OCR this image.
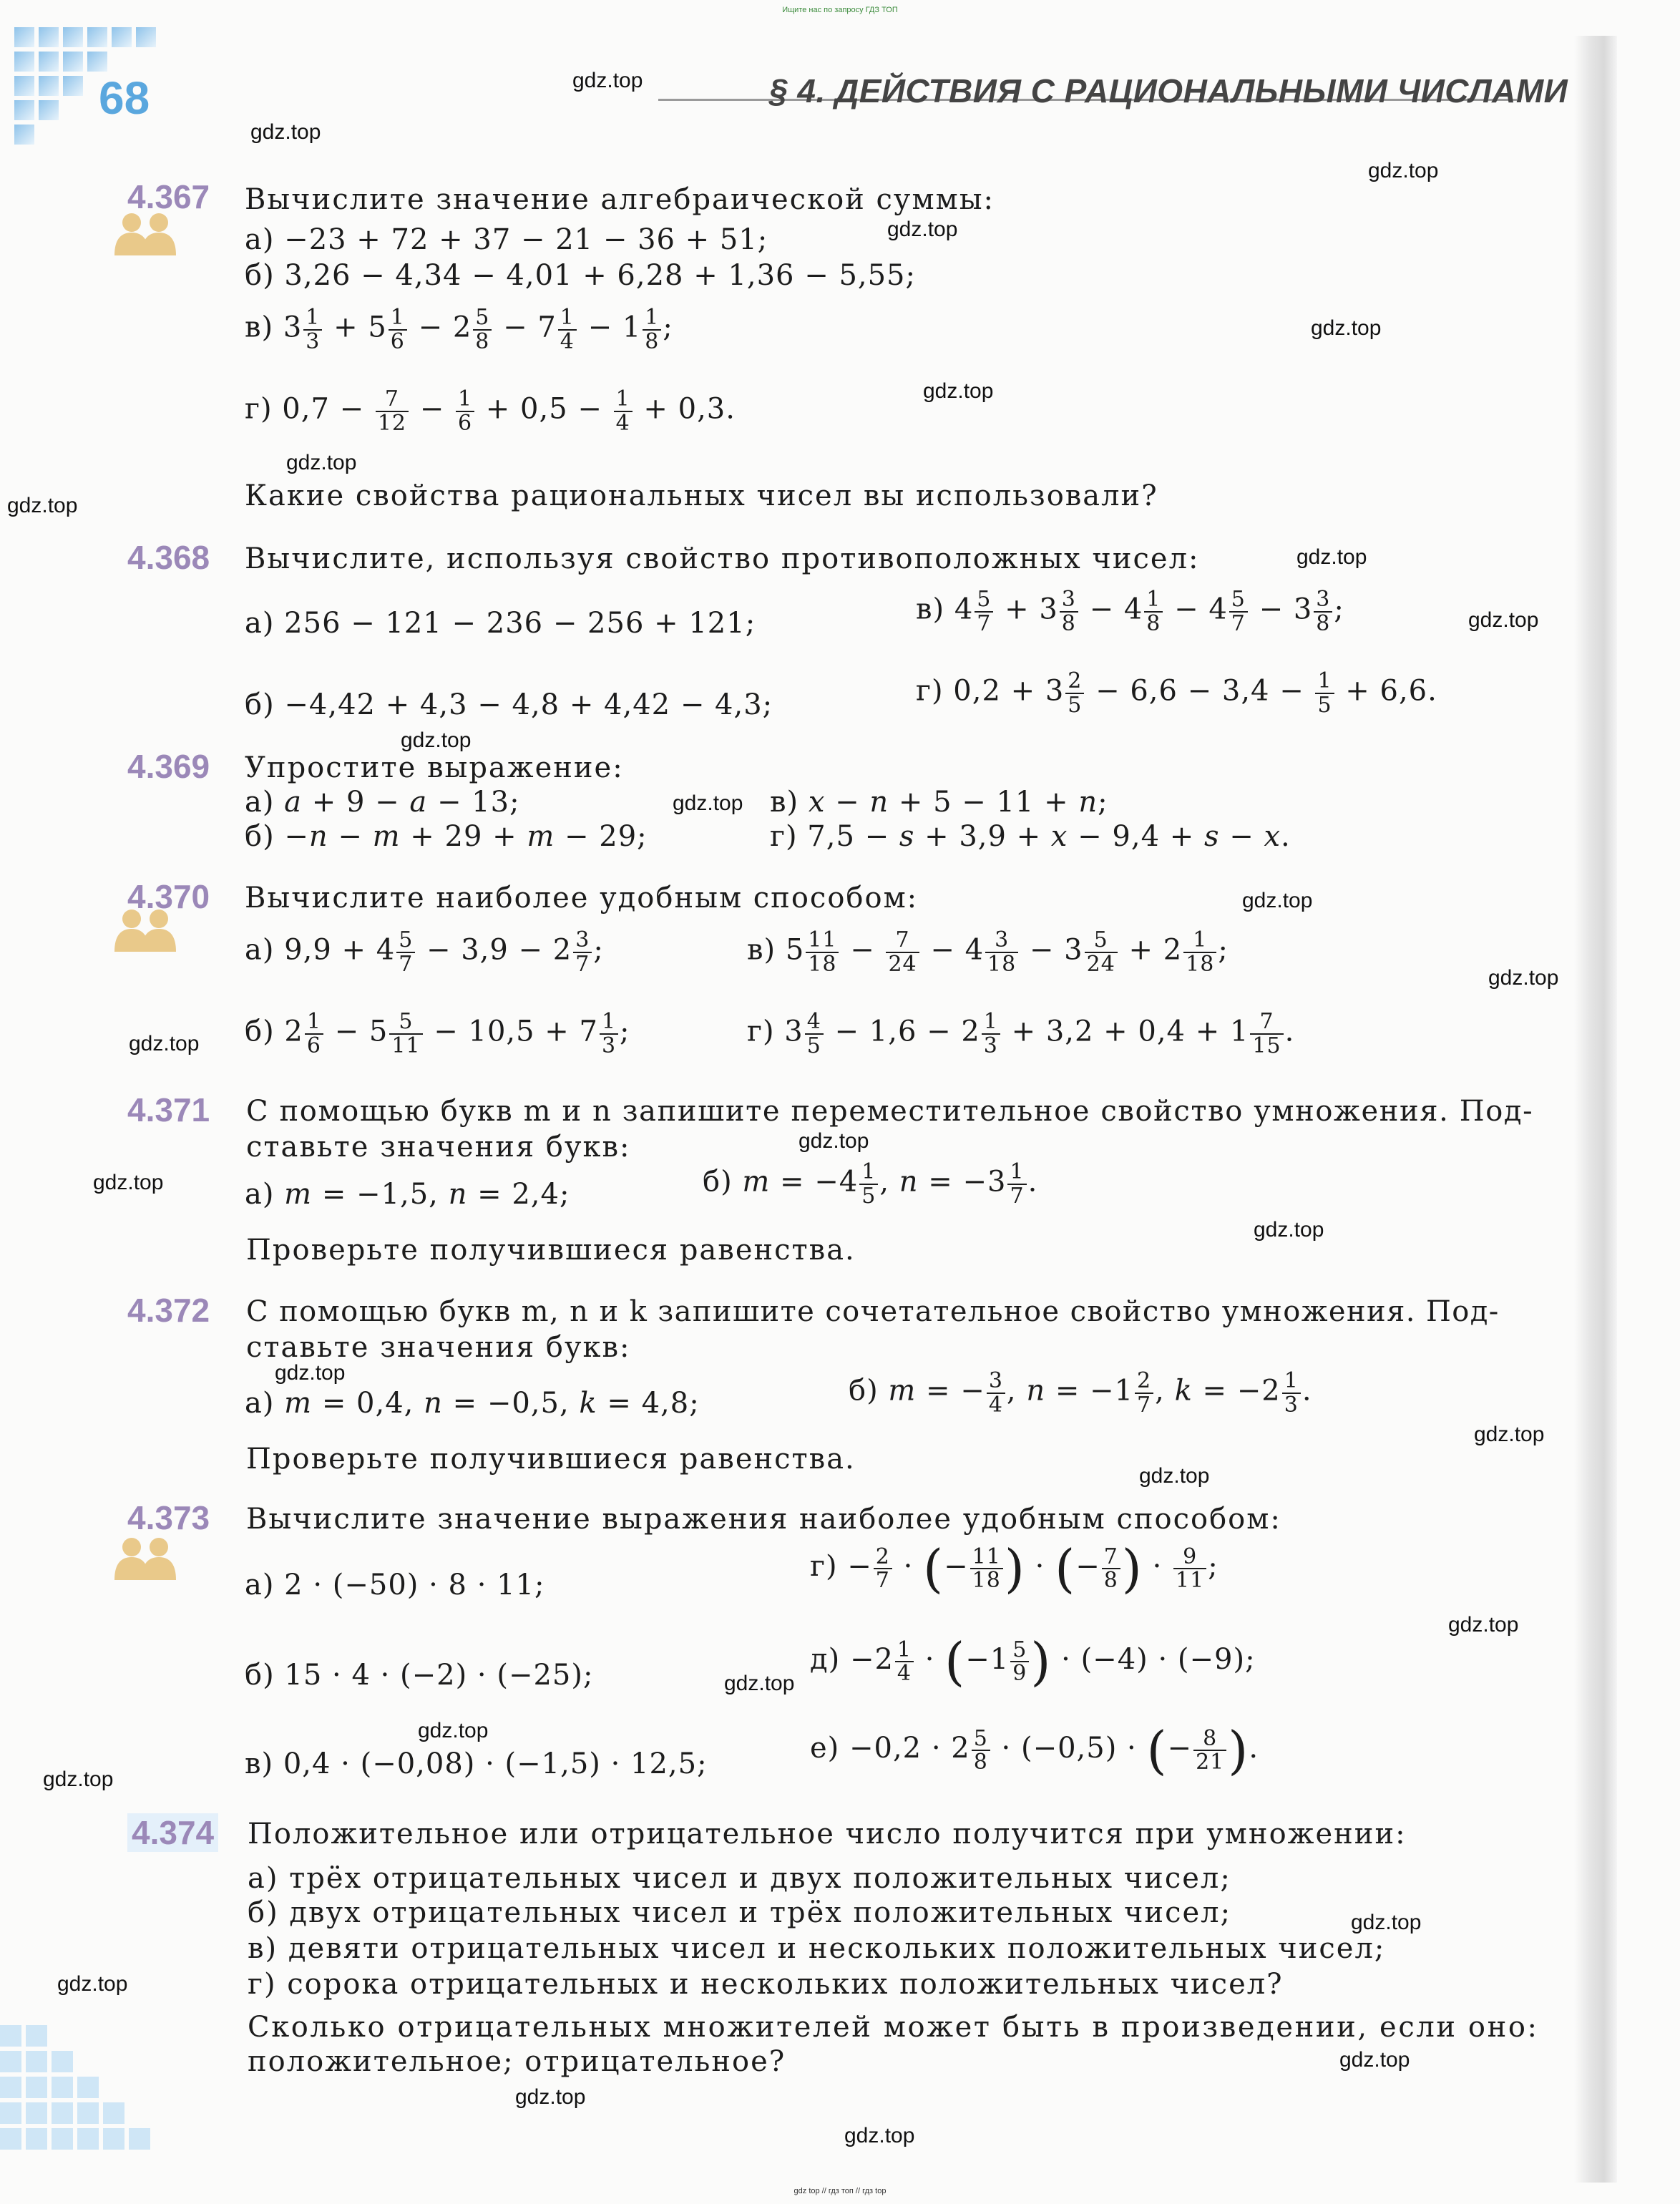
Ищите нас по запросу ГДЗ ТОП
68	§ 4. ДЕЙСТВИЯ С РАЦИОНАЛЬНЫМИ ЧИСЛАМИ
gdz.top
gdz.top
gdz.top
gdz.top
gdz.top
gdz.top
gdz.top
gdz.top
gdz.top
gdz.top
gdz.top
gdz.top
gdz.top
gdz.top
gdz.top
gdz.top
gdz.top
gdz.top
gdz.top
gdz.top
gdz.top
gdz.top
gdz.top
gdz.top
gdz.top
gdz.top
gdz.top
gdz.top
gdz.top
gdz.top
4.367 Вычислите значение алгебраической суммы:
а) −23 + 72 + 37 − 21 − 36 + 51;
б) 3,26 − 4,34 − 4,01 + 6,28 + 1,36 − 5,55;
в) $3 \frac{1}{3} + 5 \frac{1}{6} - 2 \frac{5}{8} - 7 \frac{1}{4} - 1 \frac{1}{8}$ ;
г) $0,7 - \frac{7}{12} - \frac{1}{6} + 0,5 - \frac{1}{4} + 0,3$.
Какие свойства рациональных чисел вы использовали?
4.368 Вычислите, используя свойство противоположных чисел:
а) 256 − 121 − 236 − 256 + 121;	в) $4 \frac{5}{7} + 3 \frac{3}{8} - 4 \frac{1}{8} - 4 \frac{5}{7} - 3 \frac{3}{8}$ ;
б) −4,42 + 4,3 − 4,8 + 4,42 − 4,3;	г) $0,2 + 3 \frac{2}{5} - 6,6 - 3,4 - \frac{1}{5} + 6,6$.
4.369 Упростите выражение:
а) a + 9 − a − 13;
б) −n − m + 29 + m − 29;
в) x − n + 5 − 11 + n;
г) 7,5 − s + 3,9 + x − 9,4 + s − x.
4.370 Вычислите наиболее удобным способом:
а) $9,9 + 4 \frac{5}{7} - 3,9 - 2 \frac{3}{7}$ ;	в) $5 \frac{11}{18} - \frac{7}{24} - 4 \frac{3}{18} - 3 \frac{5}{24} + 2 \frac{1}{18}$ ;
б) $2 \frac{1}{6} - 5 \frac{5}{11} - 10,5 + 7 \frac{1}{3}$ ;	г) $3 \frac{4}{5} - 1,6 - 2 \frac{1}{3} + 3,2 + 0,4 + 1 \frac{7}{15}$ .
4.371 С помощью букв m и n запишите переместительное свойство умножения. Под-
ставьте значения букв:
а) m = −1,5, n = 2,4;	б) $m = -4 \frac{1}{5}$ , $n = -3 \frac{1}{7}$ .
Проверьте получившиеся равенства.
4.372 С помощью букв m, n и k запишите сочетательное свойство умножения. Под-
ставьте значения букв:
а) m = 0,4, n = −0,5, k = 4,8;	б) m = − $\frac{3}{4}$ , $n = -1 \frac{2}{7}$ , $k = -2 \frac{1}{3}$ .
Проверьте получившиеся равенства.
4.373 Вычислите значение выражения наиболее удобным способом:
а) 2 · (−50) · 8 · 11;
$г) - \frac{2}{7}$ · (− $\frac{11}{18}$ ) · (− $\frac{7}{8}$ ) · $\frac{9}{11}$ ;
б) 15 · 4 · (−2) · (−25);	$д) -2 \frac{1}{4} \cdot (-1 \frac{5}{9}$ ) · (−4) · (−9);
в) 0,4 · (−0,08) · (−1,5) · 12,5;	$е) -0,2 \cdot 2 \frac{5}{8} \cdot (-0,5)$ · (− $\frac{8}{21}$ ).
4.374 Положительное или отрицательное число получится при умножении:
а) трёх отрицательных чисел и двух положительных чисел;
б) двух отрицательных чисел и трёх положительных чисел;
в) девяти отрицательных чисел и нескольких положительных чисел;
г) сорока отрицательных и нескольких положительных чисел?
Сколько отрицательных множителей может быть в произведении, если оно:
положительное; отрицательное?
gdz top // гдз топ // гдз top
